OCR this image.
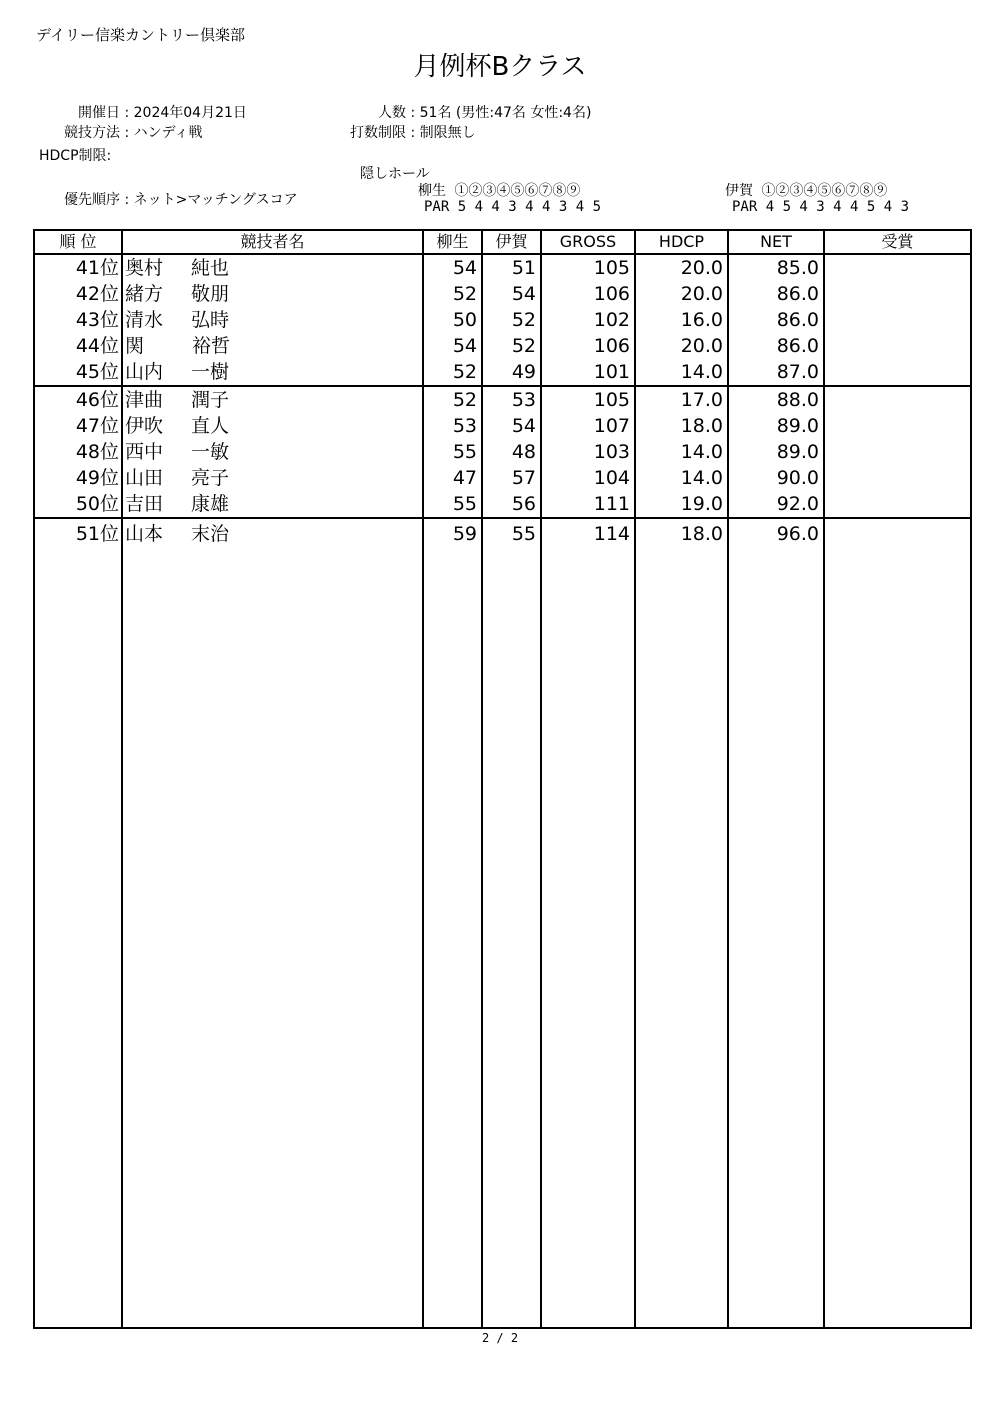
デイリー信楽カントリー倶楽部
月例杯Bクラス
開催日 : 2024年04月21日
競技方法 : ハンディ戦
HDCP制限:
優先順序 : ネット>マッチングスコア
人数 : 51名 (男性:47名 女性:4名)
打数制限 : 制限無し
隠しホール
柳生 ①②③④⑤⑥⑦⑧⑨
PAR 5 4 4 3 4 4 3 4 5
伊賀 ①②③④⑤⑥⑦⑧⑨
PAR 4 5 4 3 4 4 5 4 3
順 位	競技者名	柳生	伊賀	GROSS	HDCP	NET	受賞
41位	奥村 純也	54	51	105	20.0	85.0	
42位	緒方 敬朋	52	54	106	20.0	86.0	
43位	清水 弘時	50	52	102	16.0	86.0	
44位	関 裕哲	54	52	106	20.0	86.0	
45位	山内 一樹	52	49	101	14.0	87.0	
46位	津曲 潤子	52	53	105	17.0	88.0	
47位	伊吹 直人	53	54	107	18.0	89.0	
48位	西中 一敏	55	48	103	14.0	89.0	
49位	山田 亮子	47	57	104	14.0	90.0	
50位	吉田 康雄	55	56	111	19.0	92.0	
51位	山本 末治	59	55	114	18.0	96.0	
2 / 2
